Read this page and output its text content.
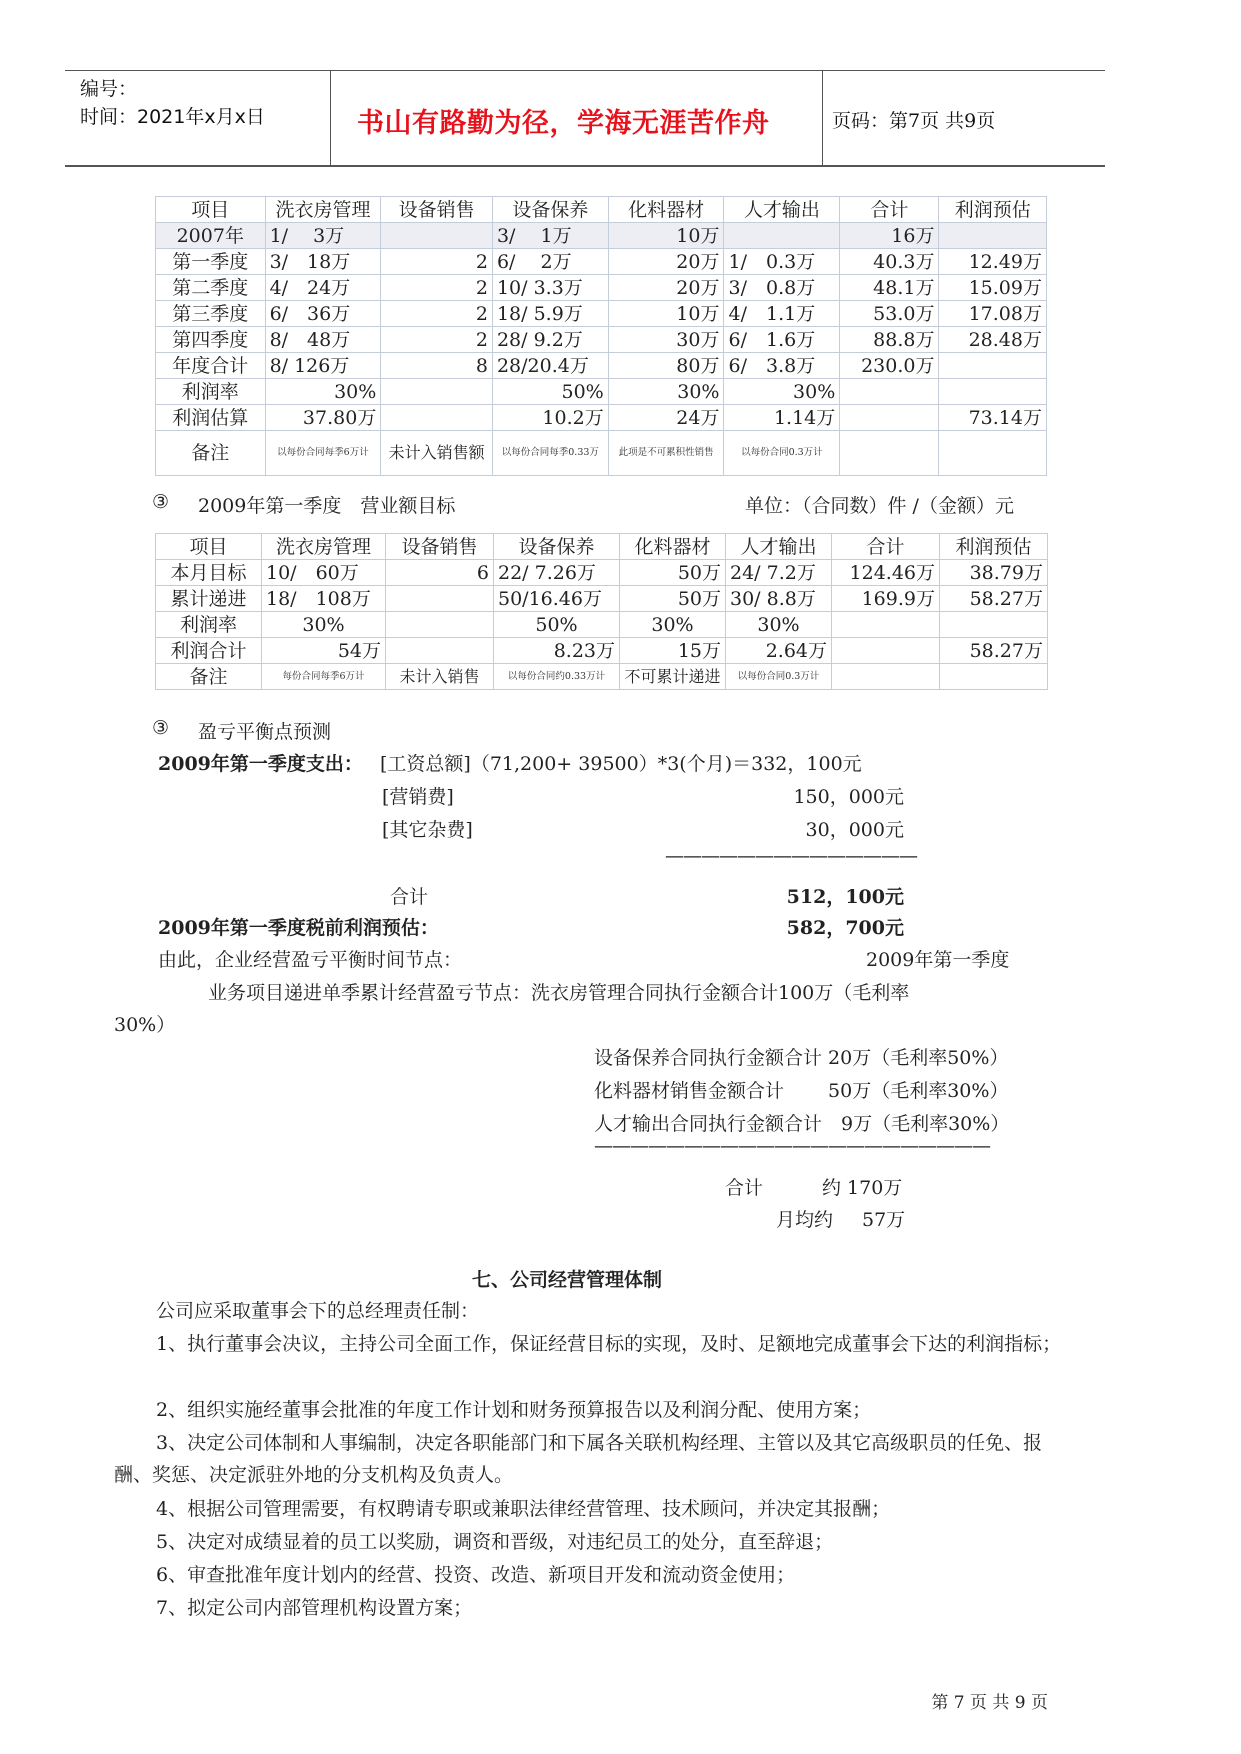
编号：
时间：2021年x月x日	书山有路勤为径，学海无涯苦作舟	页码：第7页 共9页
项目	洗衣房管理	设备销售	设备保养	化料器材	人才输出	合计	利润预估
2007年	1/　 3万		3/　 1万	10万		16万	
第一季度	3/　18万	2	6/　 2万	20万	1/　0.3万	40.3万	12.49万
第二季度	4/　24万	2	10/ 3.3万	20万	3/　0.8万	48.1万	15.09万
第三季度	6/　36万	2	18/ 5.9万	10万	4/　1.1万	53.0万	17.08万
第四季度	8/　48万	2	28/ 9.2万	30万	6/　1.6万	88.8万	28.48万
年度合计	8/ 126万	8	28/20.4万	80万	6/　3.8万	230.0万	
利润率	30%		50%	30%	30%		
利润估算	37.80万		10.2万	24万	1.14万		73.14万
备注	以每份合同每季6万计	未计入销售额	以每份合同每季0.33万	此项是不可累积性销售	以每份合同0.3万计		
③ 2009年第一季度　营业额目标	单位：（合同数）件 /（金额）元
项目	洗衣房管理	设备销售	设备保养	化料器材	人才输出	合计	利润预估
本月目标	10/　60万	6	22/ 7.26万	50万	24/ 7.2万	124.46万	38.79万
累计递进	18/　108万		50/16.46万	50万	30/ 8.8万	169.9万	58.27万
利润率	30%		50%	30%	30%		
利润合计	54万		8.23万	15万	2.64万		58.27万
备注	每份合同每季6万计	未计入销售	以每份合同约0.33万计	不可累计递进	以每份合同0.3万计		
③ 盈亏平衡点预测
2009年第一季度支出： [工资总额]（71,200+ 39500）*3(个月)＝332，100元
[营销费]	150，000元
[其它杂费]	30，000元
——————————————
合计	512，100元
2009年第一季度税前利润预估：	582，700元
由此，企业经营盈亏平衡时间节点：	2009年第一季度
业务项目递进单季累计经营盈亏节点：洗衣房管理合同执行金额合计100万（毛利率
30%）
设备保养合同执行金额合计 20万（毛利率50%）
化料器材销售金额合计　　 50万（毛利率30%）
人才输出合同执行金额合计　9万（毛利率30%）
——————————————————————
合计	约 170万
月均约 57万
七、公司经营管理体制
公司应采取董事会下的总经理责任制：
1、执行董事会决议，主持公司全面工作，保证经营目标的实现，及时、足额地完成董事会下达的利润指标；
2、组织实施经董事会批准的年度工作计划和财务预算报告以及利润分配、使用方案；
3、决定公司体制和人事编制，决定各职能部门和下属各关联机构经理、主管以及其它高级职员的任免、报酬、奖惩、决定派驻外地的分支机构及负责人。
4、根据公司管理需要，有权聘请专职或兼职法律经营管理、技术顾问，并决定其报酬；
5、决定对成绩显着的员工以奖励，调资和晋级，对违纪员工的处分，直至辞退；
6、审查批准年度计划内的经营、投资、改造、新项目开发和流动资金使用；
7、拟定公司内部管理机构设置方案；
第 7 页 共 9 页
